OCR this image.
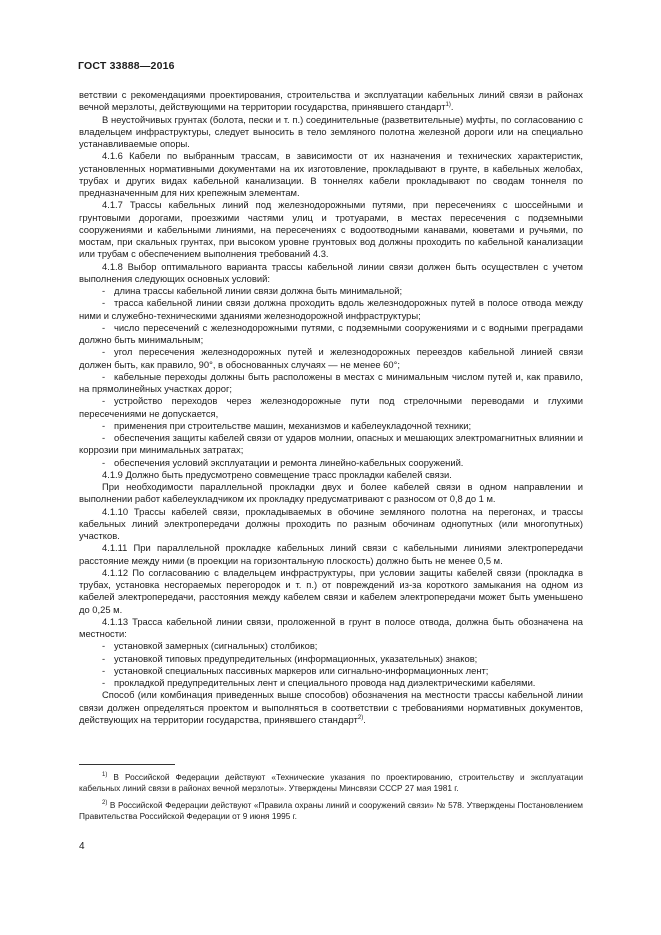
ГОСТ 33888—2016

ветствии с рекомендациями проектирования, строительства и эксплуатации кабельных линий связи в районах вечной мерзлоты, действующими на территории государства, принявшего стандарт$^{1)}$.

В неустойчивых грунтах (болота, пески и т. п.) соединительные (разветвительные) муфты, по согласованию с владельцем инфраструктуры, следует выносить в тело земляного полотна железной дороги или на специально устанавливаемые опоры.

4.1.6 Кабели по выбранным трассам, в зависимости от их назначения и технических характеристик, установленных нормативными документами на их изготовление, прокладывают в грунте, в кабельных желобах, трубах и других видах кабельной канализации. В тоннелях кабели прокладывают по сводам тоннеля по предназначенным для них крепежным элементам.

4.1.7 Трассы кабельных линий под железнодорожными путями, при пересечениях с шоссейными и грунтовыми дорогами, проезжими частями улиц и тротуарами, в местах пересечения с подземными сооружениями и кабельными линиями, на пересечениях с водоотводными канавами, кюветами и ручьями, по мостам, при скальных грунтах, при высоком уровне грунтовых вод должны проходить по кабельной канализации или трубам с обеспечением выполнения требований 4.3.

4.1.8 Выбор оптимального варианта трассы кабельной линии связи должен быть осуществлен с учетом выполнения следующих основных условий:

- длина трассы кабельной линии связи должна быть минимальной;

- трасса кабельной линии связи должна проходить вдоль железнодорожных путей в полосе отвода между ними и служебно-техническими зданиями железнодорожной инфраструктуры;

- число пересечений с железнодорожными путями, с подземными сооружениями и с водными преградами должно быть минимальным;

- угол пересечения железнодорожных путей и железнодорожных переездов кабельной линией связи должен быть, как правило, 90°, в обоснованных случаях — не менее 60°;

- кабельные переходы должны быть расположены в местах с минимальным числом путей и, как правило, на прямолинейных участках дорог;

- устройство переходов через железнодорожные пути под стрелочными переводами и глухими пересечениями не допускается,

- применения при строительстве машин, механизмов и кабелеукладочной техники;

- обеспечения защиты кабелей связи от ударов молнии, опасных и мешающих электромагнитных влиянии и коррозии при минимальных затратах;

- обеспечения условий эксплуатации и ремонта линейно-кабельных сооружений.

4.1.9 Должно быть предусмотрено совмещение трасс прокладки кабелей связи.

При необходимости параллельной прокладки двух и более кабелей связи в одном направлении и выполнении работ кабелеукладчиком их прокладку предусматривают с разносом от 0,8 до 1 м.

4.1.10 Трассы кабелей связи, прокладываемых в обочине земляного полотна на перегонах, и трассы кабельных линий электропередачи должны проходить по разным обочинам однопутных (или многопутных) участков.

4.1.11 При параллельной прокладке кабельных линий связи с кабельными линиями электропередачи расстояние между ними (в проекции на горизонтальную плоскость) должно быть не менее 0,5 м.

4.1.12 По согласованию с владельцем инфраструктуры, при условии защиты кабелей связи (прокладка в трубах, установка несгораемых перегородок и т. п.) от повреждений из-за короткого замыкания на одном из кабелей электропередачи, расстояния между кабелем связи и кабелем электропередачи может быть уменьшено до 0,25 м.

4.1.13 Трасса кабельной линии связи, проложенной в грунт в полосе отвода, должна быть обозначена на местности:

- установкой замерных (сигнальных) столбиков;

- установкой типовых предупредительных (информационных, указательных) знаков;

- установкой специальных пассивных маркеров или сигнально-информационных лент;

- прокладкой предупредительных лент и специального провода над диэлектрическими кабелями.

Способ (или комбинация приведенных выше способов) обозначения на местности трассы кабельной линии связи должен определяться проектом и выполняться в соответствии с требованиями нормативных документов, действующих на территории государства, принявшего стандарт$^{2)}$.

$^{1)}$ В Российской Федерации действуют «Технические указания по проектированию, строительству и эксплуатации кабельных линий связи в районах вечной мерзлоты». Утверждены Минсвязи СССР 27 мая 1981 г.

$^{2)}$ В Российской Федерации действуют «Правила охраны линий и сооружений связи» № 578. Утверждены Постановлением Правительства Российской Федерации от 9 июня 1995 г.

4
